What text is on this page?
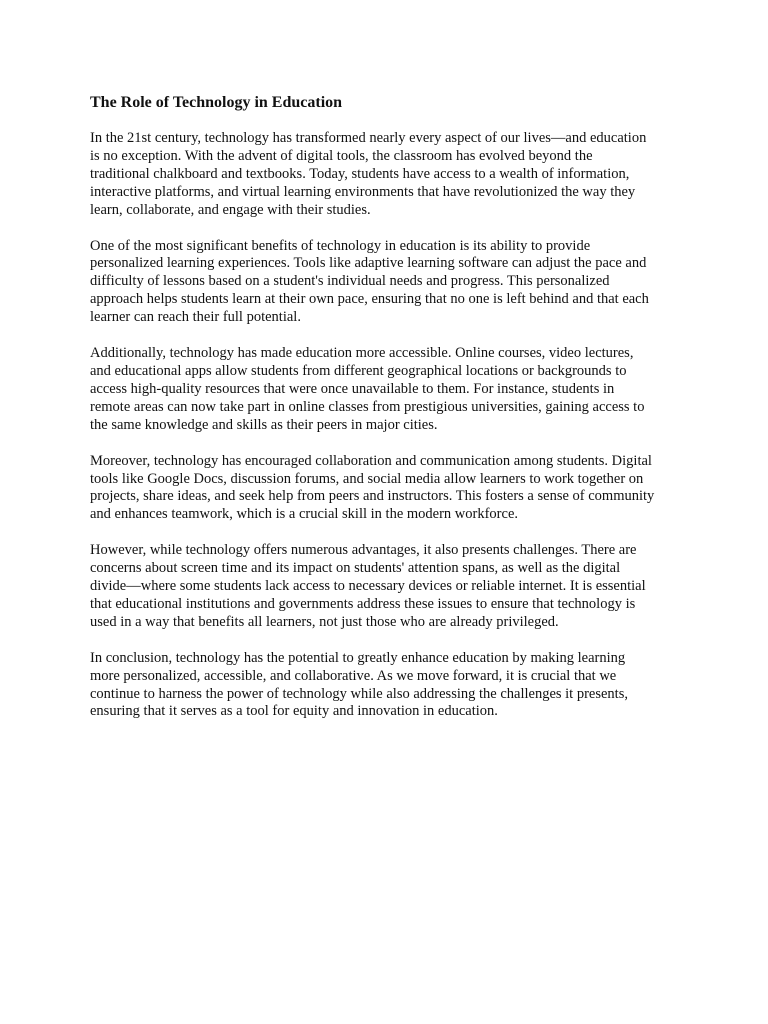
The Role of Technology in Education

In the 21st century, technology has transformed nearly every aspect of our lives—and education
is no exception. With the advent of digital tools, the classroom has evolved beyond the
traditional chalkboard and textbooks. Today, students have access to a wealth of information,
interactive platforms, and virtual learning environments that have revolutionized the way they
learn, collaborate, and engage with their studies.

One of the most significant benefits of technology in education is its ability to provide
personalized learning experiences. Tools like adaptive learning software can adjust the pace and
difficulty of lessons based on a student's individual needs and progress. This personalized
approach helps students learn at their own pace, ensuring that no one is left behind and that each
learner can reach their full potential.

Additionally, technology has made education more accessible. Online courses, video lectures,
and educational apps allow students from different geographical locations or backgrounds to
access high-quality resources that were once unavailable to them. For instance, students in
remote areas can now take part in online classes from prestigious universities, gaining access to
the same knowledge and skills as their peers in major cities.

Moreover, technology has encouraged collaboration and communication among students. Digital
tools like Google Docs, discussion forums, and social media allow learners to work together on
projects, share ideas, and seek help from peers and instructors. This fosters a sense of community
and enhances teamwork, which is a crucial skill in the modern workforce.

However, while technology offers numerous advantages, it also presents challenges. There are
concerns about screen time and its impact on students' attention spans, as well as the digital
divide—where some students lack access to necessary devices or reliable internet. It is essential
that educational institutions and governments address these issues to ensure that technology is
used in a way that benefits all learners, not just those who are already privileged.

In conclusion, technology has the potential to greatly enhance education by making learning
more personalized, accessible, and collaborative. As we move forward, it is crucial that we
continue to harness the power of technology while also addressing the challenges it presents,
ensuring that it serves as a tool for equity and innovation in education.
